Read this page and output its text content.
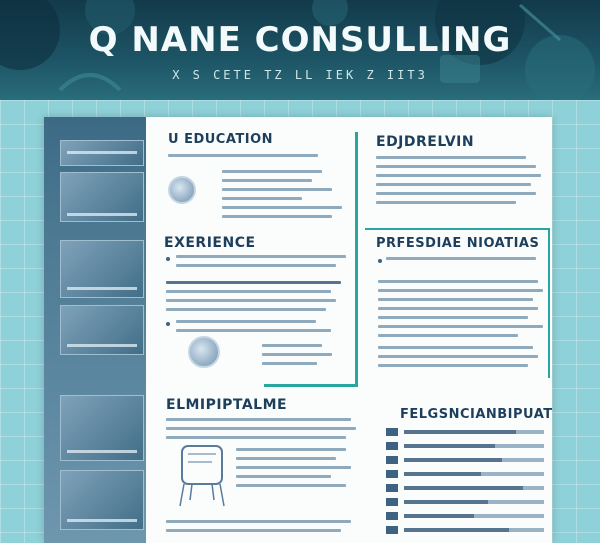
Q NANE CONSULLING
X S CETE TZ LL IEK Z IIT3
U EDUCATION
EXERIENCE
ELMIPIPTALME
EDJDRELVIN
PRFESDIAE NIOATIAS
FELGSNCIANBIPUAT
